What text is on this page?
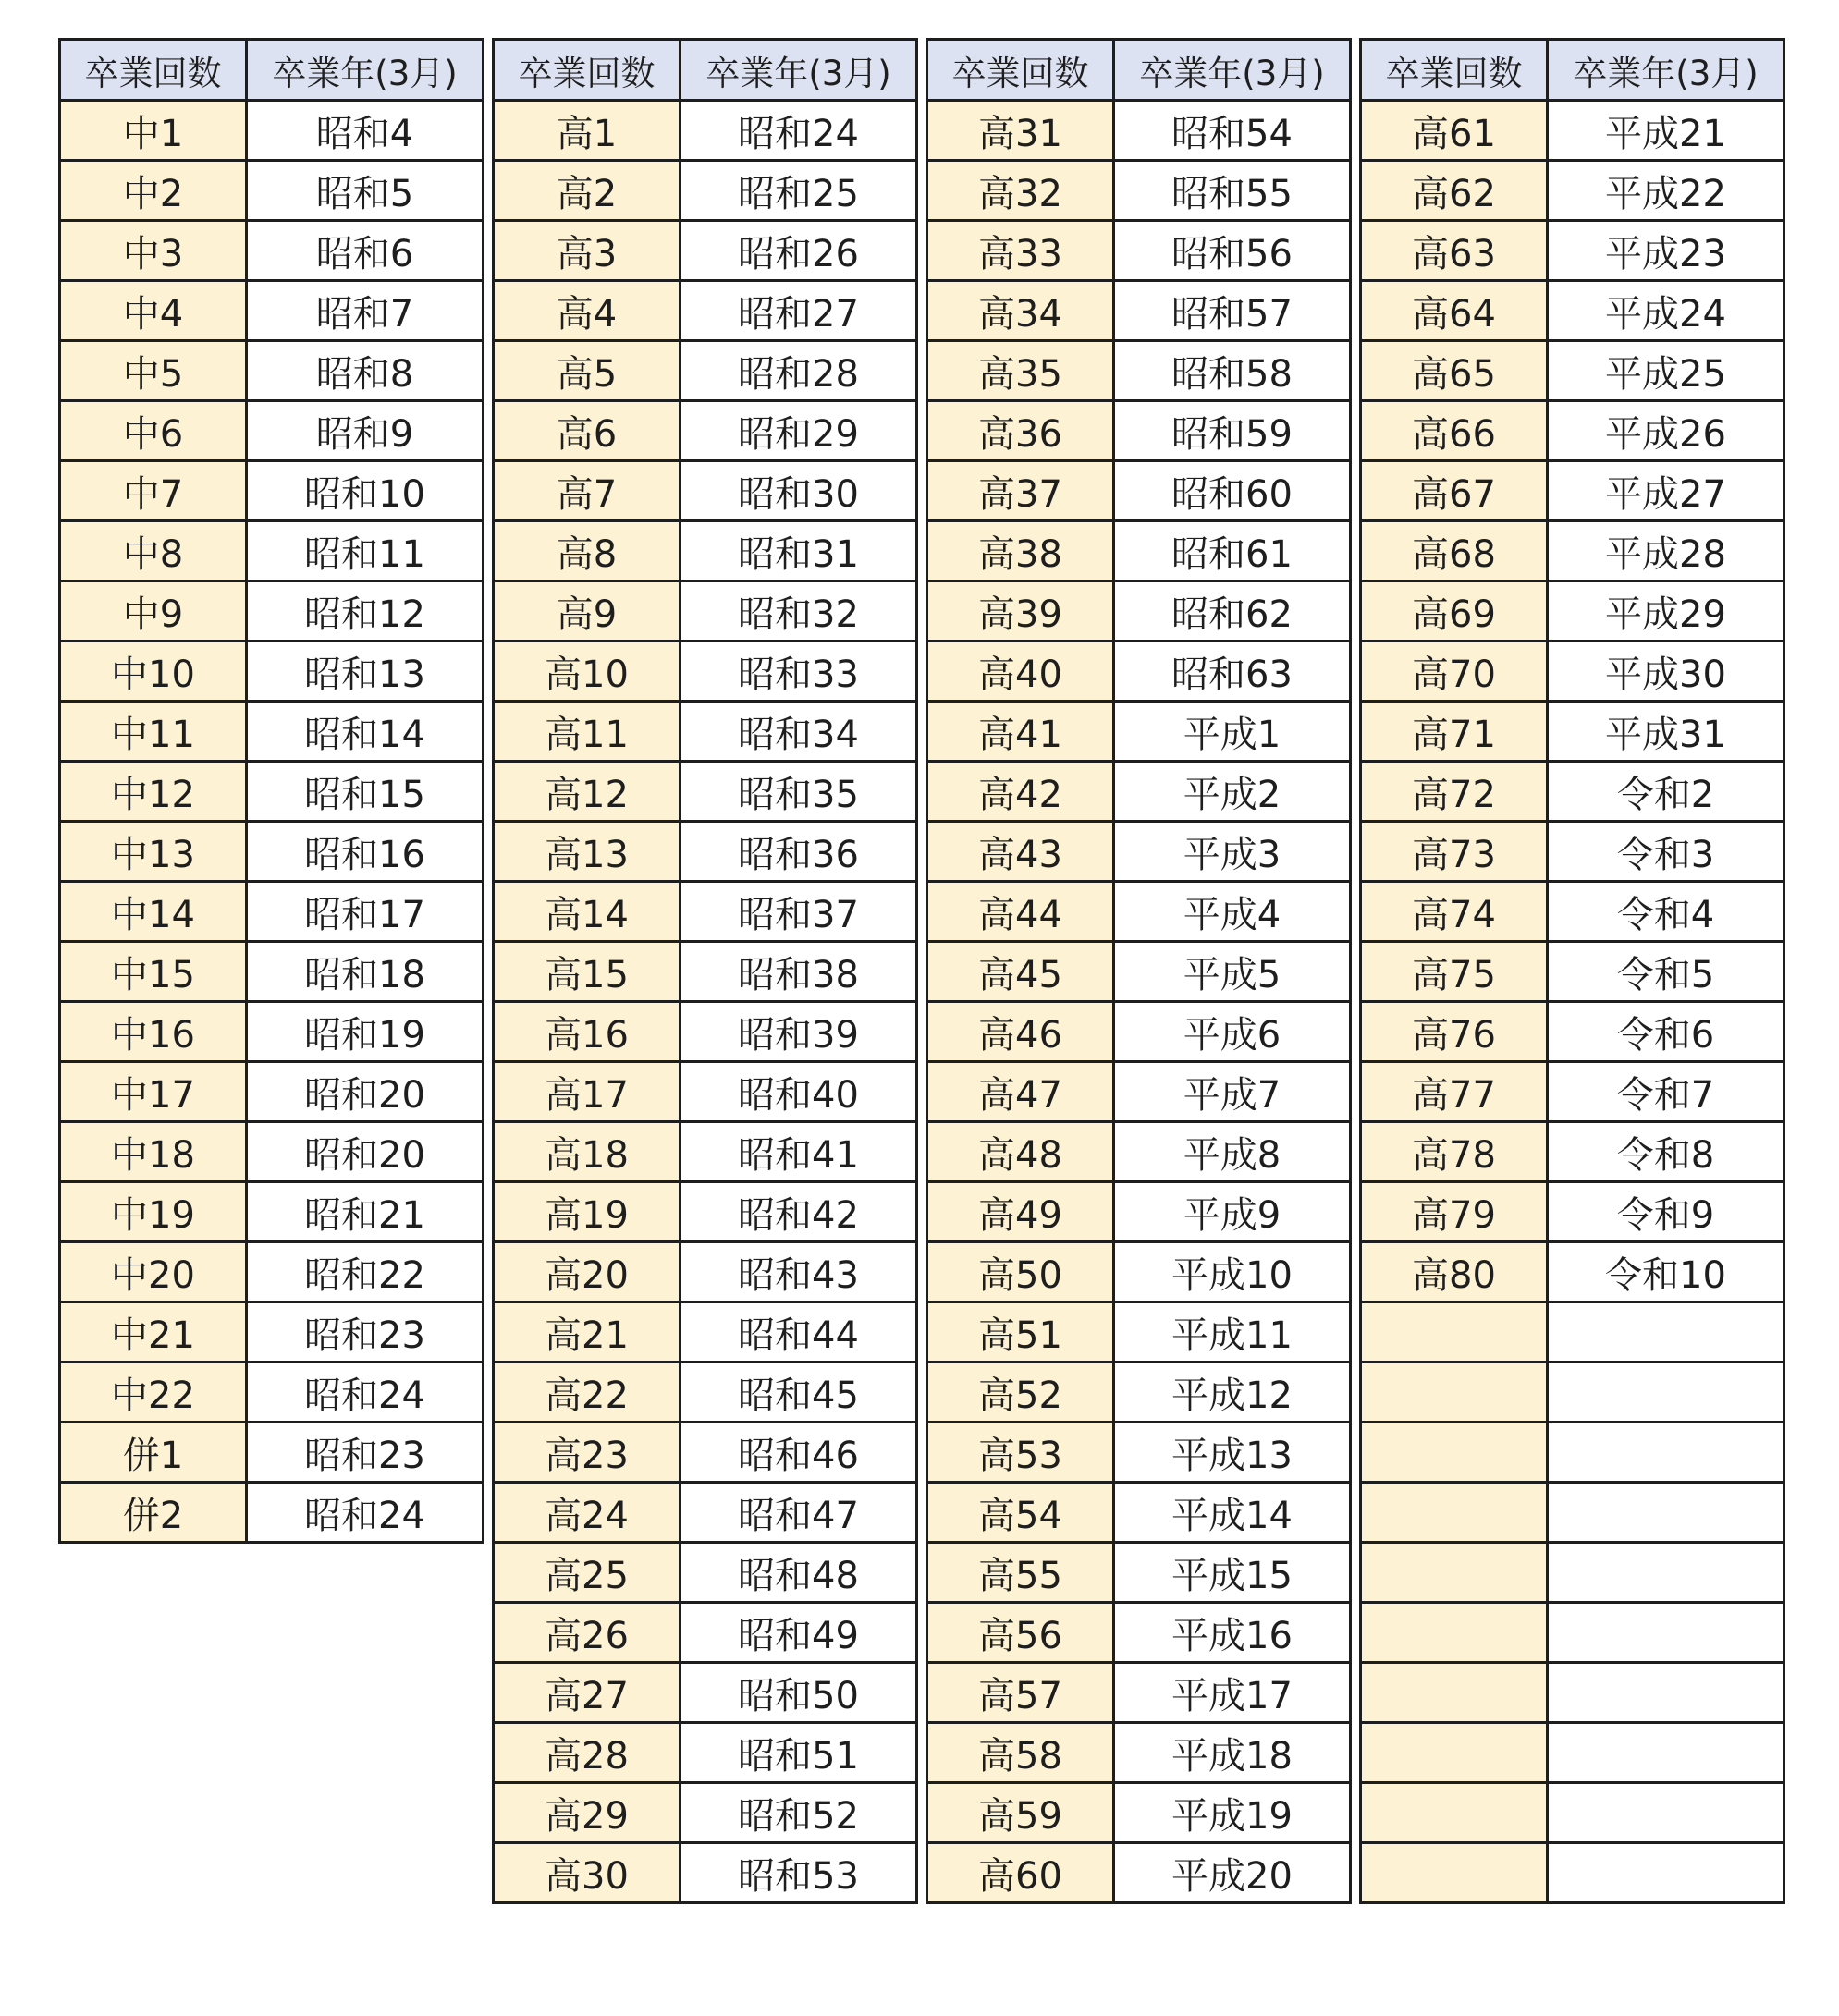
卒業回数	卒業年(3月)
中1	昭和4
中2	昭和5
中3	昭和6
中4	昭和7
中5	昭和8
中6	昭和9
中7	昭和10
中8	昭和11
中9	昭和12
中10	昭和13
中11	昭和14
中12	昭和15
中13	昭和16
中14	昭和17
中15	昭和18
中16	昭和19
中17	昭和20
中18	昭和20
中19	昭和21
中20	昭和22
中21	昭和23
中22	昭和24
併1	昭和23
併2	昭和24
卒業回数	卒業年(3月)
高1	昭和24
高2	昭和25
高3	昭和26
高4	昭和27
高5	昭和28
高6	昭和29
高7	昭和30
高8	昭和31
高9	昭和32
高10	昭和33
高11	昭和34
高12	昭和35
高13	昭和36
高14	昭和37
高15	昭和38
高16	昭和39
高17	昭和40
高18	昭和41
高19	昭和42
高20	昭和43
高21	昭和44
高22	昭和45
高23	昭和46
高24	昭和47
高25	昭和48
高26	昭和49
高27	昭和50
高28	昭和51
高29	昭和52
高30	昭和53
卒業回数	卒業年(3月)
高31	昭和54
高32	昭和55
高33	昭和56
高34	昭和57
高35	昭和58
高36	昭和59
高37	昭和60
高38	昭和61
高39	昭和62
高40	昭和63
高41	平成1
高42	平成2
高43	平成3
高44	平成4
高45	平成5
高46	平成6
高47	平成7
高48	平成8
高49	平成9
高50	平成10
高51	平成11
高52	平成12
高53	平成13
高54	平成14
高55	平成15
高56	平成16
高57	平成17
高58	平成18
高59	平成19
高60	平成20
卒業回数	卒業年(3月)
高61	平成21
高62	平成22
高63	平成23
高64	平成24
高65	平成25
高66	平成26
高67	平成27
高68	平成28
高69	平成29
高70	平成30
高71	平成31
高72	令和2
高73	令和3
高74	令和4
高75	令和5
高76	令和6
高77	令和7
高78	令和8
高79	令和9
高80	令和10
